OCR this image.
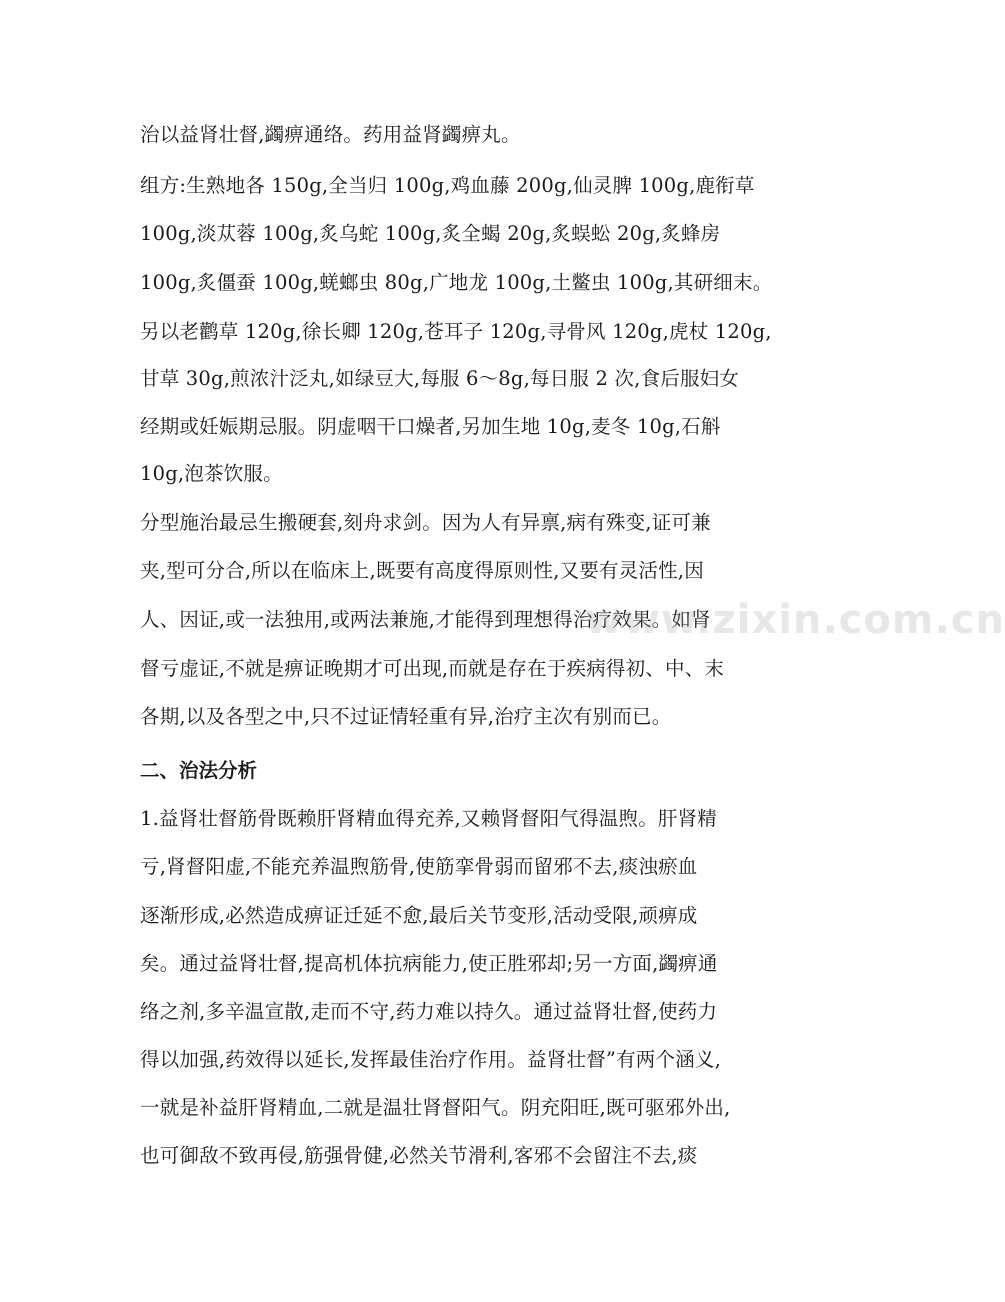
治以益肾壮督,蠲痹通络。药用益肾蠲痹丸。
组方:生熟地各 150g,全当归 100g,鸡血藤 200g,仙灵脾 100g,鹿衔草
100g,淡苁蓉 100g,炙乌蛇 100g,炙全蝎 20g,炙蜈蚣 20g,炙蜂房
100g,炙僵蚕 100g,蜣螂虫 80g,广地龙 100g,土鳖虫 100g,其研细末。
另以老鹳草 120g,徐长卿 120g,苍耳子 120g,寻骨风 120g,虎杖 120g,
甘草 30g,煎浓汁泛丸,如绿豆大,每服 6～8g,每日服 2 次,食后服妇女
经期或妊娠期忌服。阴虚咽干口燥者,另加生地 10g,麦冬 10g,石斛
10g,泡茶饮服。
分型施治最忌生搬硬套,刻舟求剑。因为人有异禀,病有殊变,证可兼
夹,型可分合,所以在临床上,既要有高度得原则性,又要有灵活性,因
人、因证,或一法独用,或两法兼施,才能得到理想得治疗效果。如肾
督亏虚证,不就是痹证晚期才可出现,而就是存在于疾病得初、中、末
各期,以及各型之中,只不过证情轻重有异,治疗主次有别而已。
二、治法分析
1.益肾壮督筋骨既赖肝肾精血得充养,又赖肾督阳气得温煦。肝肾精
亏,肾督阳虚,不能充养温煦筋骨,使筋挛骨弱而留邪不去,痰浊瘀血
逐渐形成,必然造成痹证迁延不愈,最后关节变形,活动受限,顽痹成
矣。通过益肾壮督,提高机体抗病能力,使正胜邪却;另一方面,蠲痹通
络之剂,多辛温宣散,走而不守,药力难以持久。通过益肾壮督,使药力
得以加强,药效得以延长,发挥最佳治疗作用。益肾壮督”有两个涵义,
一就是补益肝肾精血,二就是温壮肾督阳气。阴充阳旺,既可驱邪外出,
也可御敌不致再侵,筋强骨健,必然关节滑利,客邪不会留注不去,痰
www.zixin.com.cn
